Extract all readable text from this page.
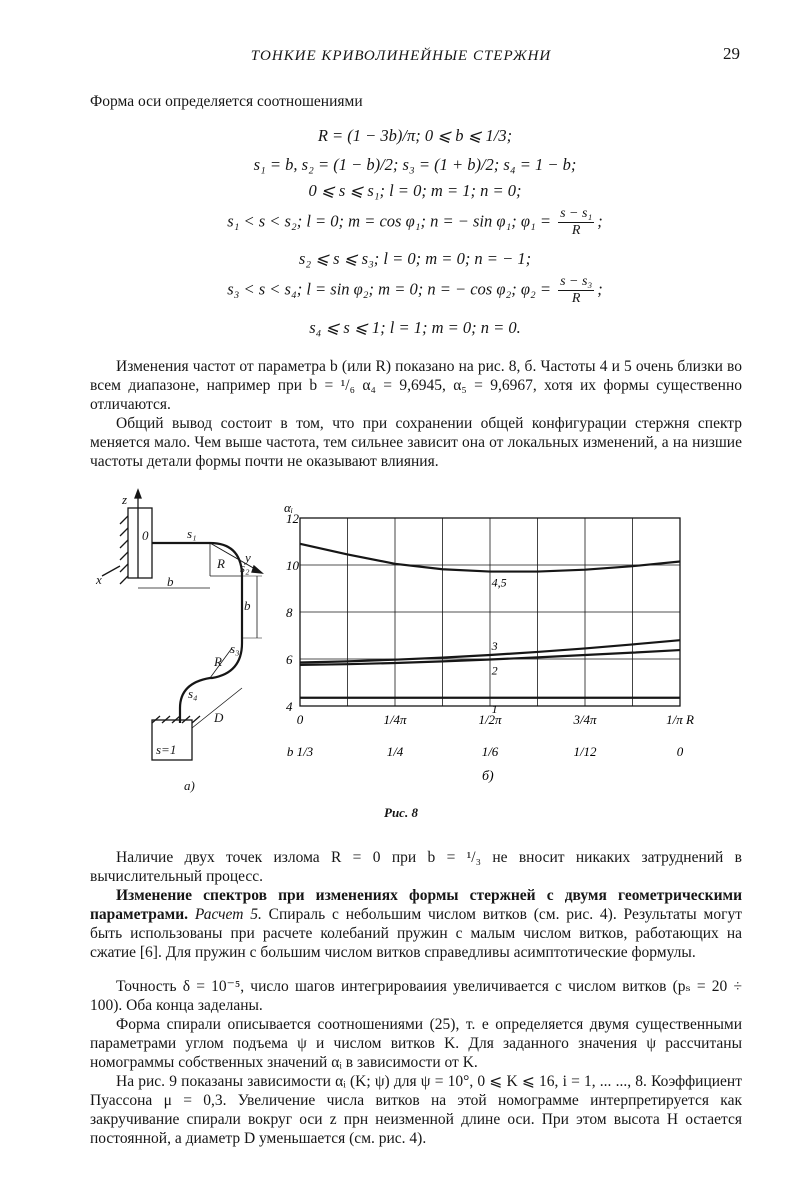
ТОНКИЕ КРИВОЛИНЕЙНЫЕ СТЕРЖНИ	29
Форма оси определяется соотношениями
R = (1 − 3b)/π; 0 ⩽ b ⩽ 1/3;
s₁ = b, s₂ = (1 − b)/2; s₃ = (1 + b)/2; s₄ = 1 − b;
0 ⩽ s ⩽ s₁; l = 0; m = 1; n = 0;
s₁ < s < s₂; l = 0; m = cos φ₁; n = − sin φ₁; $\varphi_1 = \frac{\text{s − s₁}}{R}$ ;
s₂ ⩽ s ⩽ s₃; l = 0; m = 0; n = − 1;
s₃ < s < s₄; l = sin φ₂; m = 0; n = − cos φ₂; $\varphi_2 = \frac{\text{s − s₃}}{R}$ ;
s₄ ⩽ s ⩽ 1; l = 1; m = 0; n = 0.
Изменения частот от параметра b (или R) показано на рис. 8, б. Частоты 4 и 5 очень близки во всем диапазоне, например при b = ¹/₆ α₄ = 9,6945, α₅ = 9,6967, хотя их формы существенно отличаются.
Общий вывод состоит в том, что при сохранении общей конфигурации стержня спектр меняется мало. Чем выше частота, тем сильнее зависит она от локальных изменений, а на низшие частоты детали формы почти не оказывают влияния.
z
x
y
0	s₁
s₂
s₃
s₄
R
R
b
b
D
s=1
a)
4
6
8
10
12
0	1/4π	1/2π	3/4π	1/π R
b 1/3	1/4	1/6	1/12	0
1
2
3
4,5
αᵢ
б)
Рис. 8
Наличие двух точек излома R = 0 при b = ¹/₃ не вносит никаких затруднений в вычислительный процесс.
Изменение спектров при изменениях формы стержней с двумя геометрическими параметрами. Расчет 5. Спираль с небольшим числом витков (см. рис. 4). Результаты могут быть использованы при расчете колебаний пружин с малым числом витков, работающих на сжатие [6]. Для пружин с большим числом витков справедливы асимптотические формулы.
Точность δ = 10⁻⁵, число шагов интегрироваиия увеличивается с числом витков (pₛ = 20 ÷ 100). Оба конца заделаны.
Форма спирали описывается соотношениями (25), т. е определяется двумя существенными параметрами углом подъема ψ и числом витков K. Для заданного значения ψ рассчитаны номограммы собственных значений αᵢ в зависимости от K.
На рис. 9 показаны зависимости αᵢ (K; ψ) для ψ = 10°, 0 ⩽ K ⩽ 16, i = 1, ... ..., 8. Коэффициент Пуассона μ = 0,3. Увеличение числа витков на этой номограмме интерпретируется как закручивание спирали вокруг оси z прн неизменной длине оси. При этом высота H остается постоянной, а диаметр D уменьшается (см. рис. 4).
